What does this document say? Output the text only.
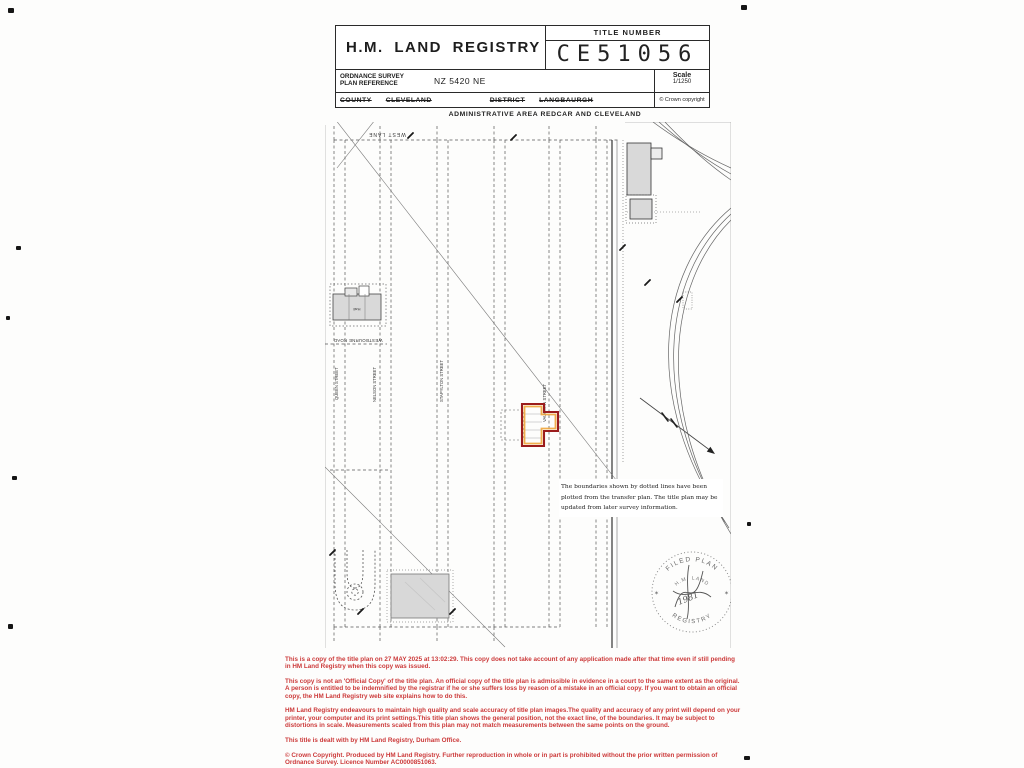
H.M. LAND REGISTRY
TITLE NUMBER
CE51056
ORDNANCE SURVEY PLAN REFERENCE	NZ 5420 NE
Scale
1/1250
COUNTY CLEVELAND	DISTRICT LANGBAURGH	© Crown copyright
ADMINISTRATIVE AREA REDCAR AND CLEVELAND
Hall
WEST LANE
WESTBOURNE ROAD
QUEEN STREET	NELSON STREET	STAPYLTON STREET
VAUGHAN STREET
FILED PLAN
H.M. LAND
REGISTRY
✶	✶
1981
The boundaries shown by dotted lines have been plotted from the transfer plan. The title plan may be updated from later survey information.

This is a copy of the title plan on 27 MAY 2025 at 13:02:29. This copy does not take account of any application made after that time even if still pending in HM Land Registry when this copy was issued.

This copy is not an 'Official Copy' of the title plan. An official copy of the title plan is admissible in evidence in a court to the same extent as the original. A person is entitled to be indemnified by the registrar if he or she suffers loss by reason of a mistake in an official copy. If you want to obtain an official copy, the HM Land Registry web site explains how to do this.

HM Land Registry endeavours to maintain high quality and scale accuracy of title plan images.The quality and accuracy of any print will depend on your printer, your computer and its print settings.This title plan shows the general position, not the exact line, of the boundaries. It may be subject to distortions in scale. Measurements scaled from this plan may not match measurements between the same points on the ground.

This title is dealt with by HM Land Registry, Durham Office.

© Crown Copyright. Produced by HM Land Registry. Further reproduction in whole or in part is prohibited without the prior written permission of Ordnance Survey. Licence Number AC0000851063.
